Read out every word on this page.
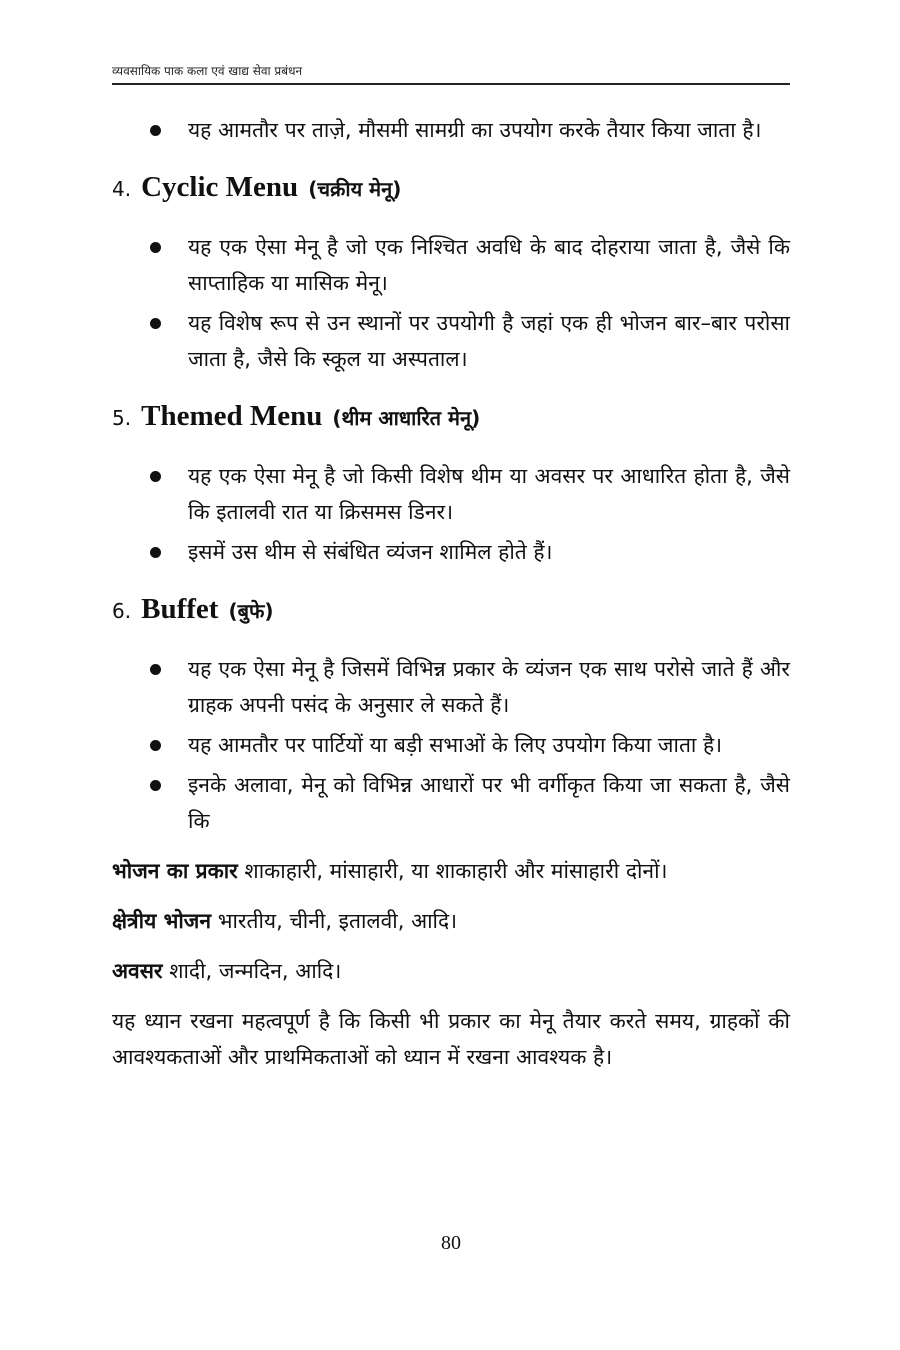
व्यवसायिक पाक कला एवं खाद्य सेवा प्रबंधन
यह आमतौर पर ताज़े, मौसमी सामग्री का उपयोग करके तैयार किया जाता है।
4. Cyclic Menu (चक्रीय मेनू)
यह एक ऐसा मेनू है जो एक निश्चित अवधि के बाद दोहराया जाता है, जैसे कि साप्ताहिक या मासिक मेनू।
यह विशेष रूप से उन स्थानों पर उपयोगी है जहां एक ही भोजन बार–बार परोसा जाता है, जैसे कि स्कूल या अस्पताल।
5. Themed Menu (थीम आधारित मेनू)
यह एक ऐसा मेनू है जो किसी विशेष थीम या अवसर पर आधारित होता है, जैसे कि इतालवी रात या क्रिसमस डिनर।
इसमें उस थीम से संबंधित व्यंजन शामिल होते हैं।
6. Buffet (बुफे)
यह एक ऐसा मेनू है जिसमें विभिन्न प्रकार के व्यंजन एक साथ परोसे जाते हैं और ग्राहक अपनी पसंद के अनुसार ले सकते हैं।
यह आमतौर पर पार्टियों या बड़ी सभाओं के लिए उपयोग किया जाता है।
इनके अलावा, मेनू को विभिन्न आधारों पर भी वर्गीकृत किया जा सकता है, जैसे कि

भोजन का प्रकार शाकाहारी, मांसाहारी, या शाकाहारी और मांसाहारी दोनों।

क्षेत्रीय भोजन भारतीय, चीनी, इतालवी, आदि।

अवसर शादी, जन्मदिन, आदि।

यह ध्यान रखना महत्वपूर्ण है कि किसी भी प्रकार का मेनू तैयार करते समय, ग्राहकों की आवश्यकताओं और प्राथमिकताओं को ध्यान में रखना आवश्यक है।

80
